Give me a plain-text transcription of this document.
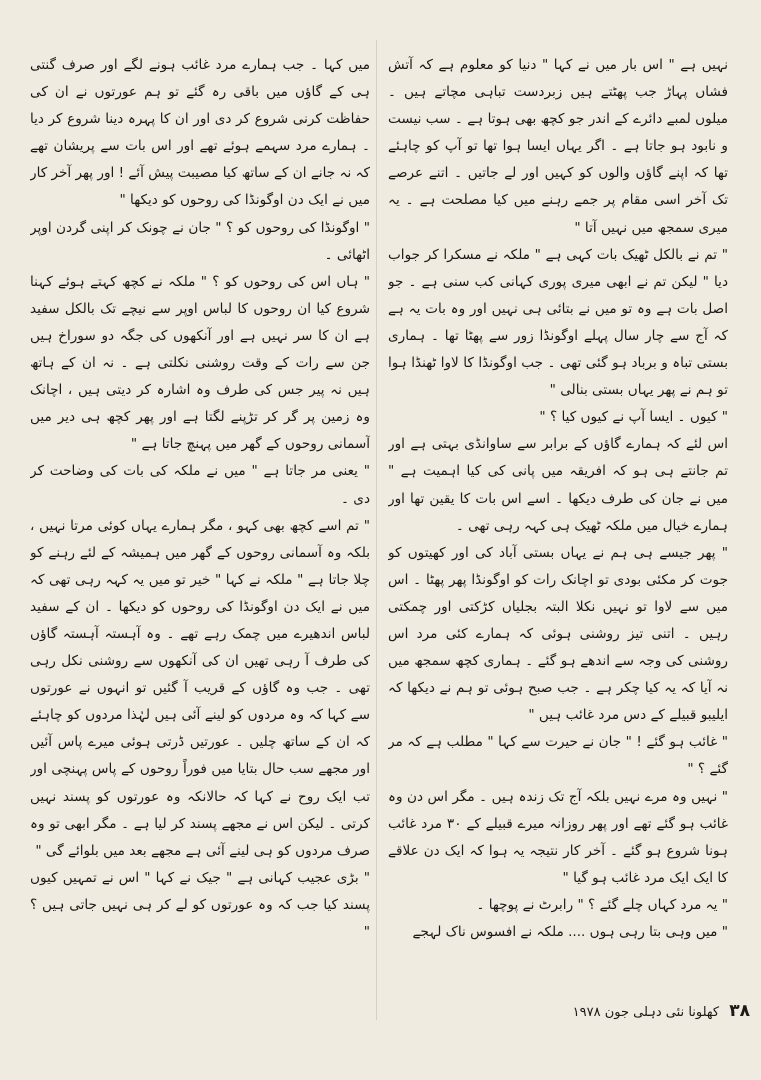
نہیں ہے " اس بار میں نے کہا " دنیا کو معلوم ہے کہ آتش فشاں پہاڑ جب پھٹتے ہیں زبردست تباہی مچاتے ہیں ۔ میلوں لمبے دائرے کے اندر جو کچھ بھی ہوتا ہے ۔ سب نیست و نابود ہو جاتا ہے ۔ اگر یہاں ایسا ہوا تھا تو آپ کو چاہئے تھا کہ اپنے گاؤں والوں کو کہیں اور لے جاتیں ۔ اتنے عرصے تک آخر اسی مقام پر جمے رہنے میں کیا مصلحت ہے ۔ یہ میری سمجھ میں نہیں آتا "

" تم نے بالکل ٹھیک بات کہی ہے " ملکہ نے مسکرا کر جواب دیا " لیکن تم نے ابھی میری پوری کہانی کب سنی ہے ۔ جو اصل بات ہے وہ تو میں نے بتائی ہی نہیں اور وہ بات یہ ہے کہ آج سے چار سال پہلے اوگونڈا زور سے پھٹا تھا ۔ ہماری بستی تباہ و برباد ہو گئی تھی ۔ جب اوگونڈا کا لاوا ٹھنڈا ہوا تو ہم نے پھر یہاں بستی بنالی "

" کیوں ۔ ایسا آپ نے کیوں کیا ؟ "

اس لئے کہ ہمارے گاؤں کے برابر سے ساوانڈی بہتی ہے اور تم جانتے ہی ہو کہ افریقہ میں پانی کی کیا اہمیت ہے " میں نے جان کی طرف دیکھا ۔ اسے اس بات کا یقین تھا اور ہمارے خیال میں ملکہ ٹھیک ہی کہہ رہی تھی ۔

" پھر جیسے ہی ہم نے یہاں بستی آباد کی اور کھیتوں کو جوت کر مکئی بودی تو اچانک رات کو اوگونڈا پھر پھٹا ۔ اس میں سے لاوا تو نہیں نکلا البتہ بجلیاں کڑکتی اور چمکتی رہیں ۔ اتنی تیز روشنی ہوئی کہ ہمارے کئی مرد اس روشنی کی وجہ سے اندھے ہو گئے ۔ ہماری کچھ سمجھ میں نہ آیا کہ یہ کیا چکر ہے ۔ جب صبح ہوئی تو ہم نے دیکھا کہ ایلیبو قبیلے کے دس مرد غائب ہیں "

" غائب ہو گئے ! " جان نے حیرت سے کہا " مطلب ہے کہ مر گئے ؟ "

" نہیں وہ مرے نہیں بلکہ آج تک زندہ ہیں ۔ مگر اس دن وہ غائب ہو گئے تھے اور پھر روزانہ میرے قبیلے کے ۳۰ مرد غائب ہونا شروع ہو گئے ۔ آخر کار نتیجہ یہ ہوا کہ ایک دن علاقے کا ایک ایک مرد غائب ہو گیا "

" یہ مرد کہاں چلے گئے ؟ " رابرٹ نے پوچھا ۔

" میں وہی بتا رہی ہوں .... ملکہ نے افسوس ناک لہجے

میں کہا ۔ جب ہمارے مرد غائب ہونے لگے اور صرف گنتی ہی کے گاؤں میں باقی رہ گئے تو ہم عورتوں نے ان کی حفاظت کرنی شروع کر دی اور ان کا پہرہ دینا شروع کر دیا ۔ ہمارے مرد سہمے ہوئے تھے اور اس بات سے پریشان تھے کہ نہ جانے ان کے ساتھ کیا مصیبت پیش آئے ! اور پھر آخر کار میں نے ایک دن اوگونڈا کی روحوں کو دیکھا "

" اوگونڈا کی روحوں کو ؟ " جان نے چونک کر اپنی گردن اوپر اٹھائی ۔

" ہاں اس کی روحوں کو ؟ " ملکہ نے کچھ کہتے ہوئے کہنا شروع کیا ان روحوں کا لباس اوپر سے نیچے تک بالکل سفید ہے ان کا سر نہیں ہے اور آنکھوں کی جگہ دو سوراخ ہیں جن سے رات کے وقت روشنی نکلتی ہے ۔ نہ ان کے ہاتھ ہیں نہ پیر جس کی طرف وہ اشارہ کر دیتی ہیں ، اچانک وہ زمین پر گر کر تڑپنے لگتا ہے اور پھر کچھ ہی دیر میں آسمانی روحوں کے گھر میں پہنچ جاتا ہے "

" یعنی مر جاتا ہے " میں نے ملکہ کی بات کی وضاحت کر دی ۔

" تم اسے کچھ بھی کہو ، مگر ہمارے یہاں کوئی مرتا نہیں ، بلکہ وہ آسمانی روحوں کے گھر میں ہمیشہ کے لئے رہنے کو چلا جاتا ہے " ملکہ نے کہا " خیر تو میں یہ کہہ رہی تھی کہ میں نے ایک دن اوگونڈا کی روحوں کو دیکھا ۔ ان کے سفید لباس اندھیرے میں چمک رہے تھے ۔ وہ آہستہ آہستہ گاؤں کی طرف آ رہی تھیں ان کی آنکھوں سے روشنی نکل رہی تھی ۔ جب وہ گاؤں کے قریب آ گئیں تو انہوں نے عورتوں سے کہا کہ وہ مردوں کو لینے آئی ہیں لہٰذا مردوں کو چاہئے کہ ان کے ساتھ چلیں ۔ عورتیں ڈرتی ہوئی میرے پاس آئیں اور مجھے سب حال بتایا میں فوراً روحوں کے پاس پہنچی اور تب ایک روح نے کہا کہ حالانکہ وہ عورتوں کو پسند نہیں کرتی ۔ لیکن اس نے مجھے پسند کر لیا ہے ۔ مگر ابھی تو وہ صرف مردوں کو ہی لینے آئی ہے مجھے بعد میں بلوائے گی "

" بڑی عجیب کہانی ہے " جیک نے کہا " اس نے تمہیں کیوں پسند کیا جب کہ وہ عورتوں کو لے کر ہی نہیں جاتی ہیں ؟ "

۳۸ کھلونا نئی دہلی جون ۱۹۷۸
